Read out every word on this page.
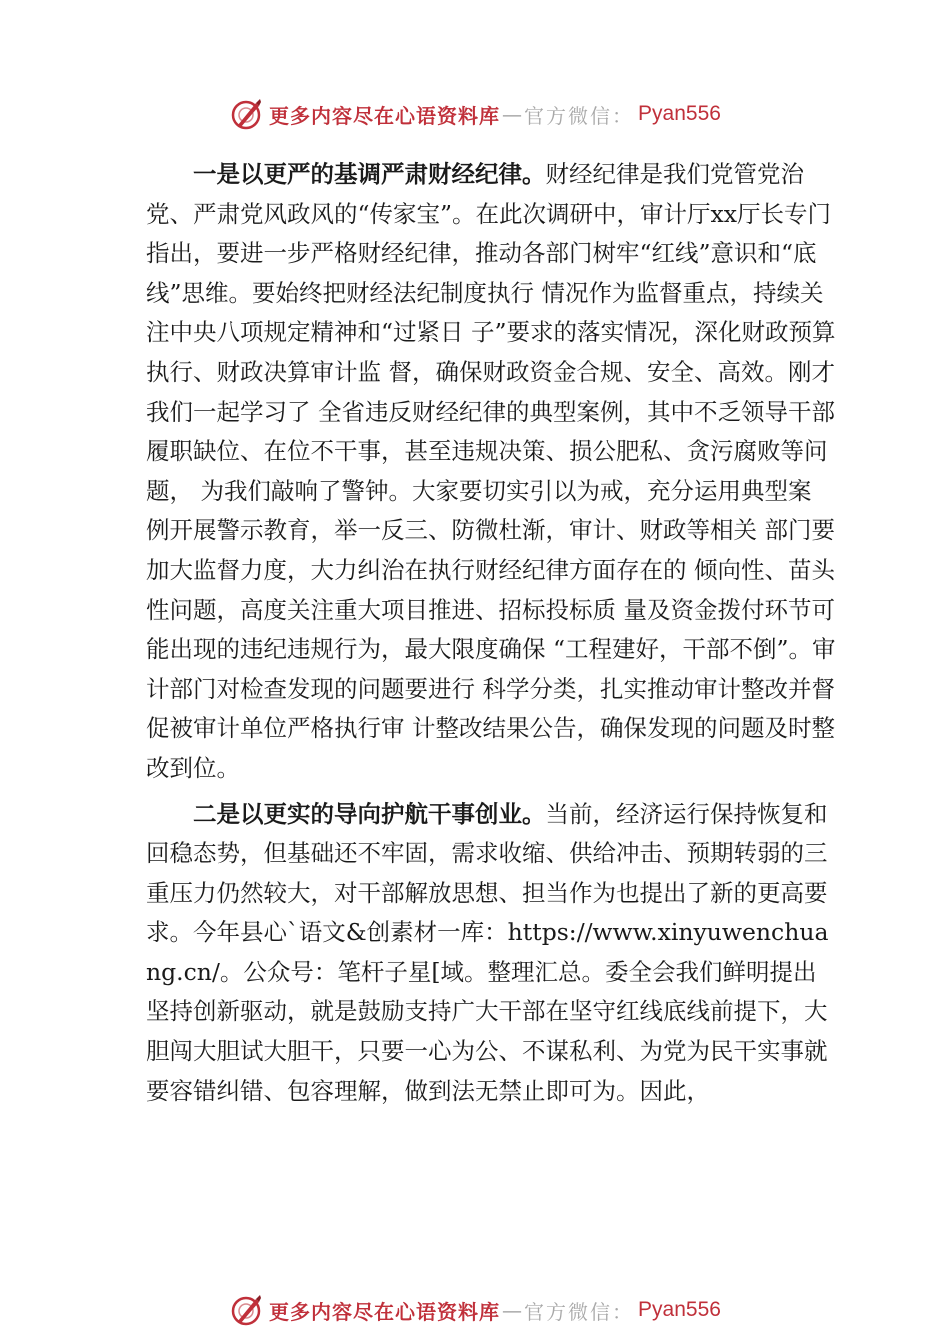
更多内容尽在心语资料库 — 官方微信： Pyan556

一是以更严的基调严肃财经纪律。财经纪律是我们党管党治党、严肃党风政风的“传家宝”。在此次调研中，审计厅xx厅长专门指出，要进一步严格财经纪律，推动各部门树牢“红线”意识和“底线”思维。要始终把财经法纪制度执行 情况作为监督重点，持续关注中央八项规定精神和“过紧日 子”要求的落实情况，深化财政预算执行、财政决算审计监 督，确保财政资金合规、安全、高效。刚才我们一起学习了 全省违反财经纪律的典型案例，其中不乏领导干部履职缺位、在位不干事，甚至违规决策、损公肥私、贪污腐败等问题， 为我们敲响了警钟。大家要切实引以为戒，充分运用典型案 例开展警示教育，举一反三、防微杜渐，审计、财政等相关 部门要加大监督力度，大力纠治在执行财经纪律方面存在的 倾向性、苗头性问题，高度关注重大项目推进、招标投标质 量及资金拨付环节可能出现的违纪违规行为，最大限度确保 “工程建好，干部不倒”。审计部门对检查发现的问题要进行 科学分类，扎实推动审计整改并督促被审计单位严格执行审 计整改结果公告，确保发现的问题及时整改到位。

二是以更实的导向护航干事创业。当前，经济运行保持恢复和回稳态势，但基础还不牢固，需求收缩、供给冲击、预期转弱的三重压力仍然较大，对干部解放思想、担当作为也提出了新的更高要求。今年县心`语文&创素材一库：https://www.xinyuwenchuang.cn/。公众号：笔杆子星[域。整理汇总。委全会我们鲜明提出坚持创新驱动，就是鼓励支持广大干部在坚守红线底线前提下，大胆闯大胆试大胆干，只要一心为公、不谋私利、为党为民干实事就要容错纠错、包容理解，做到法无禁止即可为。因此，

更多内容尽在心语资料库 — 官方微信： Pyan556
